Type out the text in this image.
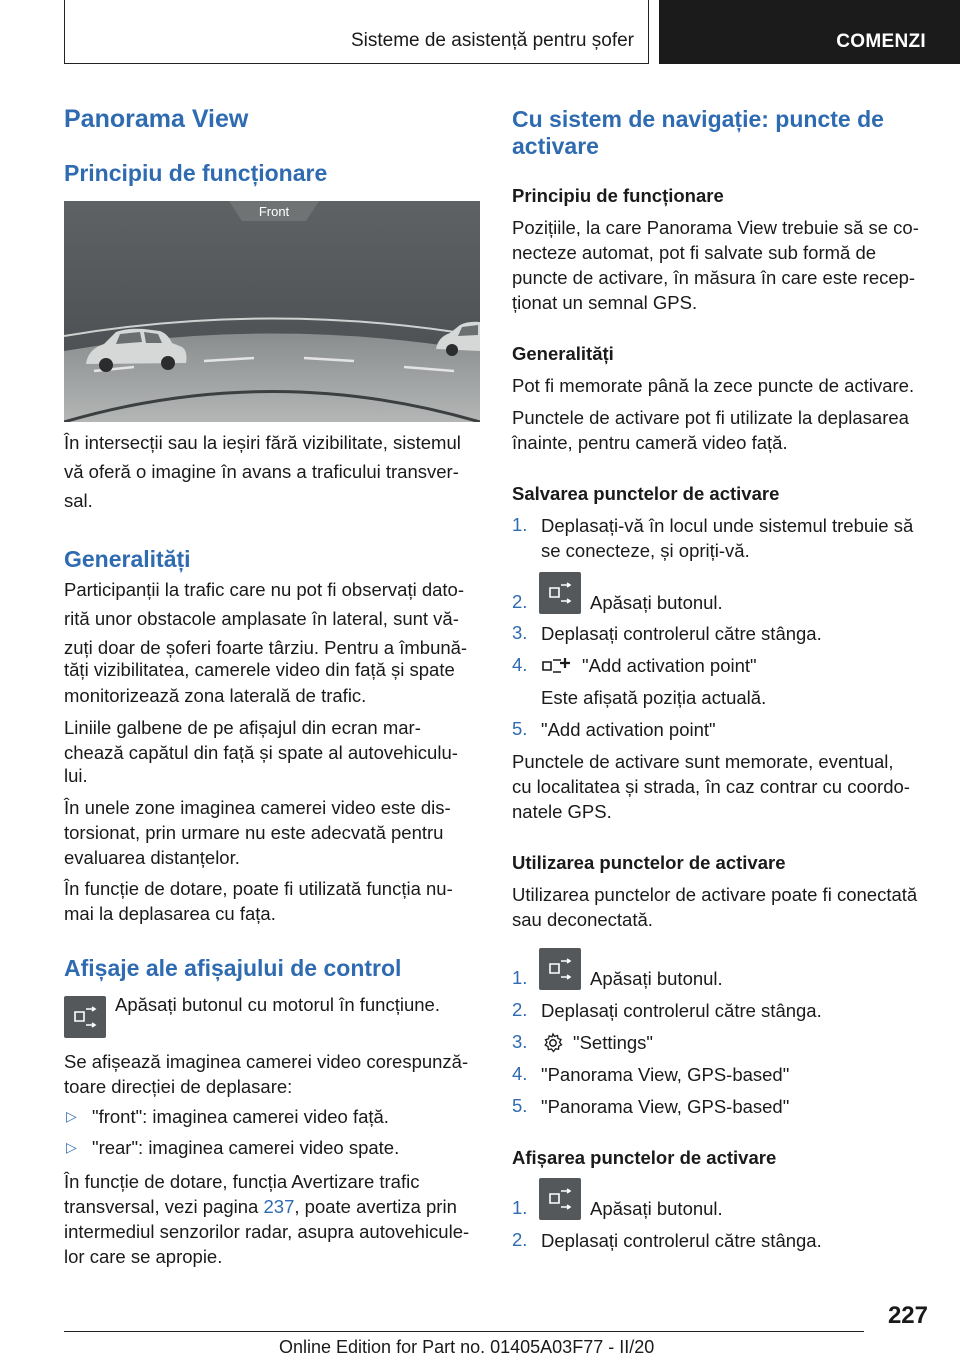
Sisteme de asistență pentru șofer	COMENZI
Panorama View
Principiu de funcționare
Front
În intersecții sau la ieșiri fără vizibilitate, sistemul
vă oferă o imagine în avans a traficului transver-
sal.
Generalități
Participanții la trafic care nu pot fi observați dato-
rită unor obstacole amplasate în lateral, sunt vă-
zuți doar de șoferi foarte târziu. Pentru a îmbună-
tăți vizibilitatea, camerele video din față și spate
monitorizează zona laterală de trafic.
Liniile galbene de pe afișajul din ecran mar-
chează capătul din față și spate al autovehiculu-
lui.
În unele zone imaginea camerei video este dis-
torsionat, prin urmare nu este adecvată pentru
evaluarea distanțelor.
În funcție de dotare, poate fi utilizată funcția nu-
mai la deplasarea cu fața.
Afișaje ale afișajului de control
Apăsați butonul cu motorul în funcțiune.
Se afișează imaginea camerei video corespunză-
toare direcției de deplasare:
▷ "front": imaginea camerei video față.
▷ "rear": imaginea camerei video spate.
În funcție de dotare, funcția Avertizare trafic
transversal, vezi pagina 237, poate avertiza prin
intermediul senzorilor radar, asupra autovehicule-
lor care se apropie.
Cu sistem de navigație: puncte de
activare
Principiu de funcționare
Pozițiile, la care Panorama View trebuie să se co-
necteze automat, pot fi salvate sub formă de
puncte de activare, în măsura în care este recep-
ționat un semnal GPS.
Generalități
Pot fi memorate până la zece puncte de activare.
Punctele de activare pot fi utilizate la deplasarea
înainte, pentru cameră video față.
Salvarea punctelor de activare
1. Deplasați-vă în locul unde sistemul trebuie să
se conecteze, și opriți-vă.
2.	Apăsați butonul.
3. Deplasați controlerul către stânga.
4.	"Add activation point"
Este afișată poziția actuală.
5. "Add activation point"
Punctele de activare sunt memorate, eventual,
cu localitatea și strada, în caz contrar cu coordo-
natele GPS.
Utilizarea punctelor de activare
Utilizarea punctelor de activare poate fi conectată
sau deconectată.
1.	Apăsați butonul.
2. Deplasați controlerul către stânga.
3. "Settings"
4. "Panorama View, GPS-based"
5. "Panorama View, GPS-based"
Afișarea punctelor de activare
1.	Apăsați butonul.
2. Deplasați controlerul către stânga.
227
Online Edition for Part no. 01405A03F77 - II/20
